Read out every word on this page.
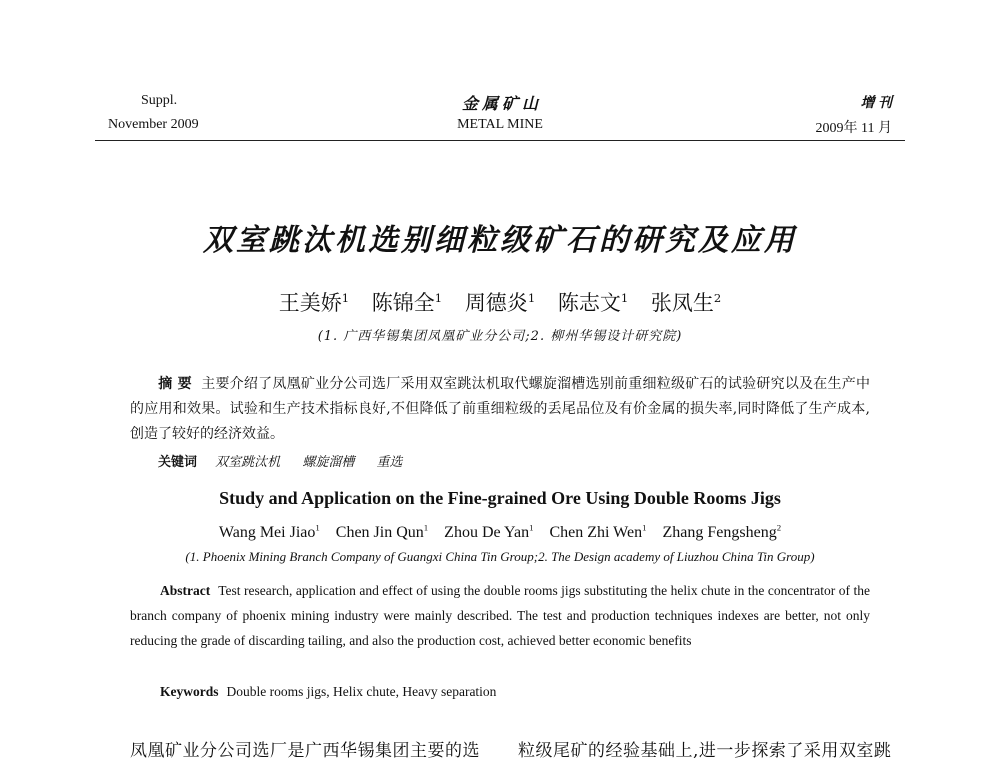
Suppl.
November 2009
金 属 矿 山
METAL MINE
增 刊
2009年 11 月
双室跳汰机选别细粒级矿石的研究及应用
王美娇$^1$ 陈锦全$^1$ 周德炎$^1$ 陈志文$^1$ 张凤生$^2$
(1. 广西华锡集团凤凰矿业分公司;2. 柳州华锡设计研究院)
摘 要 主要介绍了凤凰矿业分公司选厂采用双室跳汰机取代螺旋溜槽选别前重细粒级矿石的试验研究以及在生产中的应用和效果。试验和生产技术指标良好,不但降低了前重细粒级的丢尾品位及有价金属的损失率,同时降低了生产成本,创造了较好的经济效益。
关键词 双室跳汰机 螺旋溜槽 重选
Study and Application on the Fine-grained Ore Using Double Rooms Jigs
Wang Mei Jiao$^1$ Chen Jin Qun$^1$ Zhou De Yan$^1$ Chen Zhi Wen$^1$ Zhang Fengsheng$^2$
(1. Phoenix Mining Branch Company of Guangxi China Tin Group;2. The Design academy of Liuzhou China Tin Group)
Abstract Test research, application and effect of using the double rooms jigs substituting the helix chute in the concentrator of the branch company of phoenix mining industry were mainly described. The test and production techniques indexes are better, not only reducing the grade of discarding tailing, and also the production cost, achieved better economic benefits
Keywords Double rooms jigs, Helix chute, Heavy separation
凤凰矿业分公司选厂是广西华锡集团主要的选 粒级尾矿的经验基础上,进一步探索了采用双室跳
